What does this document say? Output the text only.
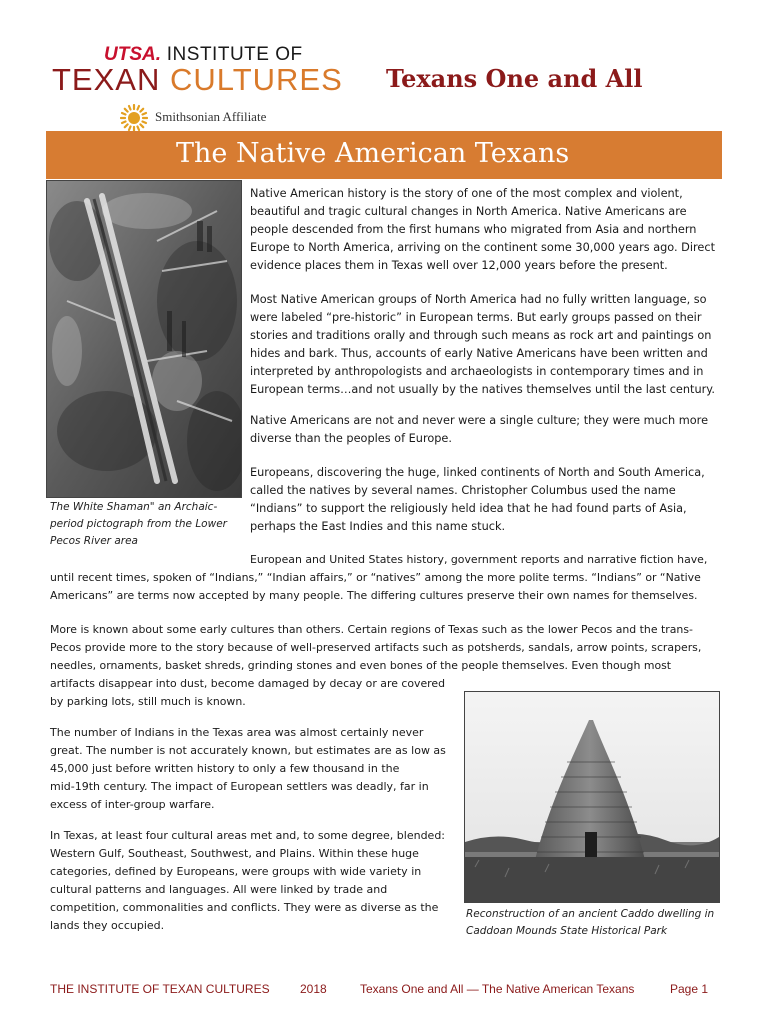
UTSA. INSTITUTE OF
TEXAN CULTURES
Smithsonian Affiliate
Texans One and All
The Native American Texans
The White Shaman" an Archaic-
period pictograph from the Lower
Pecos River area
Reconstruction of an ancient Caddo dwelling in
Caddoan Mounds State Historical Park
Native American history is the story of one of the most complex and violent,
beautiful and tragic cultural changes in North America. Native Americans are
people descended from the first humans who migrated from Asia and northern
Europe to North America, arriving on the continent some 30,000 years ago. Direct
evidence places them in Texas well over 12,000 years before the present.
Most Native American groups of North America had no fully written language, so
were labeled “pre-historic” in European terms. But early groups passed on their
stories and traditions orally and through such means as rock art and paintings on
hides and bark. Thus, accounts of early Native Americans have been written and
interpreted by anthropologists and archaeologists in contemporary times and in
European terms…and not usually by the natives themselves until the last century.
Native Americans are not and never were a single culture; they were much more
diverse than the peoples of Europe.
Europeans, discovering the huge, linked continents of North and South America,
called the natives by several names. Christopher Columbus used the name
“Indians” to support the religiously held idea that he had found parts of Asia,
perhaps the East Indies and this name stuck.
European and United States history, government reports and narrative fiction have,
until recent times, spoken of “Indians,” “Indian affairs,” or “natives” among the more polite terms. “Indians” or “Native
Americans” are terms now accepted by many people. The differing cultures preserve their own names for themselves.
More is known about some early cultures than others. Certain regions of Texas such as the lower Pecos and the trans-
Pecos provide more to the story because of well-preserved artifacts such as potsherds, sandals, arrow points, scrapers,
needles, ornaments, basket shreds, grinding stones and even bones of the people themselves. Even though most
artifacts disappear into dust, become damaged by decay or are covered
by parking lots, still much is known.
The number of Indians in the Texas area was almost certainly never
great. The number is not accurately known, but estimates are as low as
45,000 just before written history to only a few thousand in the
mid-19th century. The impact of European settlers was deadly, far in
excess of inter-group warfare.
In Texas, at least four cultural areas met and, to some degree, blended:
Western Gulf, Southeast, Southwest, and Plains. Within these huge
categories, defined by Europeans, were groups with wide variety in
cultural patterns and languages. All were linked by trade and
competition, commonalities and conflicts. They were as diverse as the
lands they occupied.
THE INSTITUTE OF TEXAN CULTURES	2018	Texans One and All — The Native American Texans	Page 1
